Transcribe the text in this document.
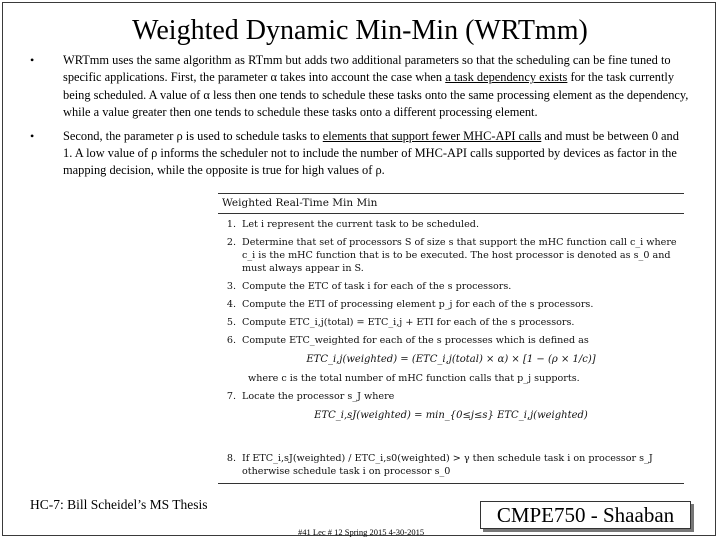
Weighted Dynamic Min-Min (WRTmm)
• WRTmm uses the same algorithm as RTmm but adds two additional parameters so that the scheduling can be fine tuned to specific applications. First, the parameter α takes into account the case when a task dependency exists for the task currently being scheduled. A value of α less then one tends to schedule these tasks onto the same processing element as the dependency, while a value greater then one tends to schedule these tasks onto a different processing element.
• Second, the parameter ρ is used to schedule tasks to elements that support fewer MHC-API calls and must be between 0 and 1. A low value of ρ informs the scheduler not to include the number of MHC-API calls supported by devices as factor in the mapping decision, while the opposite is true for high values of ρ.
Weighted Real-Time Min Min
1. Let i represent the current task to be scheduled.
2. Determine that set of processors S of size s that support the mHC function call c_i where c_i is the mHC function that is to be executed. The host processor is denoted as s_0 and must always appear in S.
3. Compute the ETC of task i for each of the s processors.
4. Compute the ETI of processing element p_j for each of the s processors.
5. Compute ETC_i,j(total) = ETC_i,j + ETI for each of the s processors.
6. Compute ETC_weighted for each of the s processes which is defined as
ETC_i,j(weighted) = (ETC_i,j(total) × α) × [1 − (ρ × 1/c)]
where c is the total number of mHC function calls that p_j supports.
7. Locate the processor s_J where
ETC_i,sJ(weighted) = min_{0≤j≤s} ETC_i,j(weighted)
8. If ETC_i,sJ(weighted) / ETC_i,s0(weighted) > γ then schedule task i on processor s_J otherwise schedule task i on processor s_0
HC-7: Bill Scheidel’s MS Thesis	CMPE750 - Shaaban
#41 Lec # 12 Spring 2015 4-30-2015
